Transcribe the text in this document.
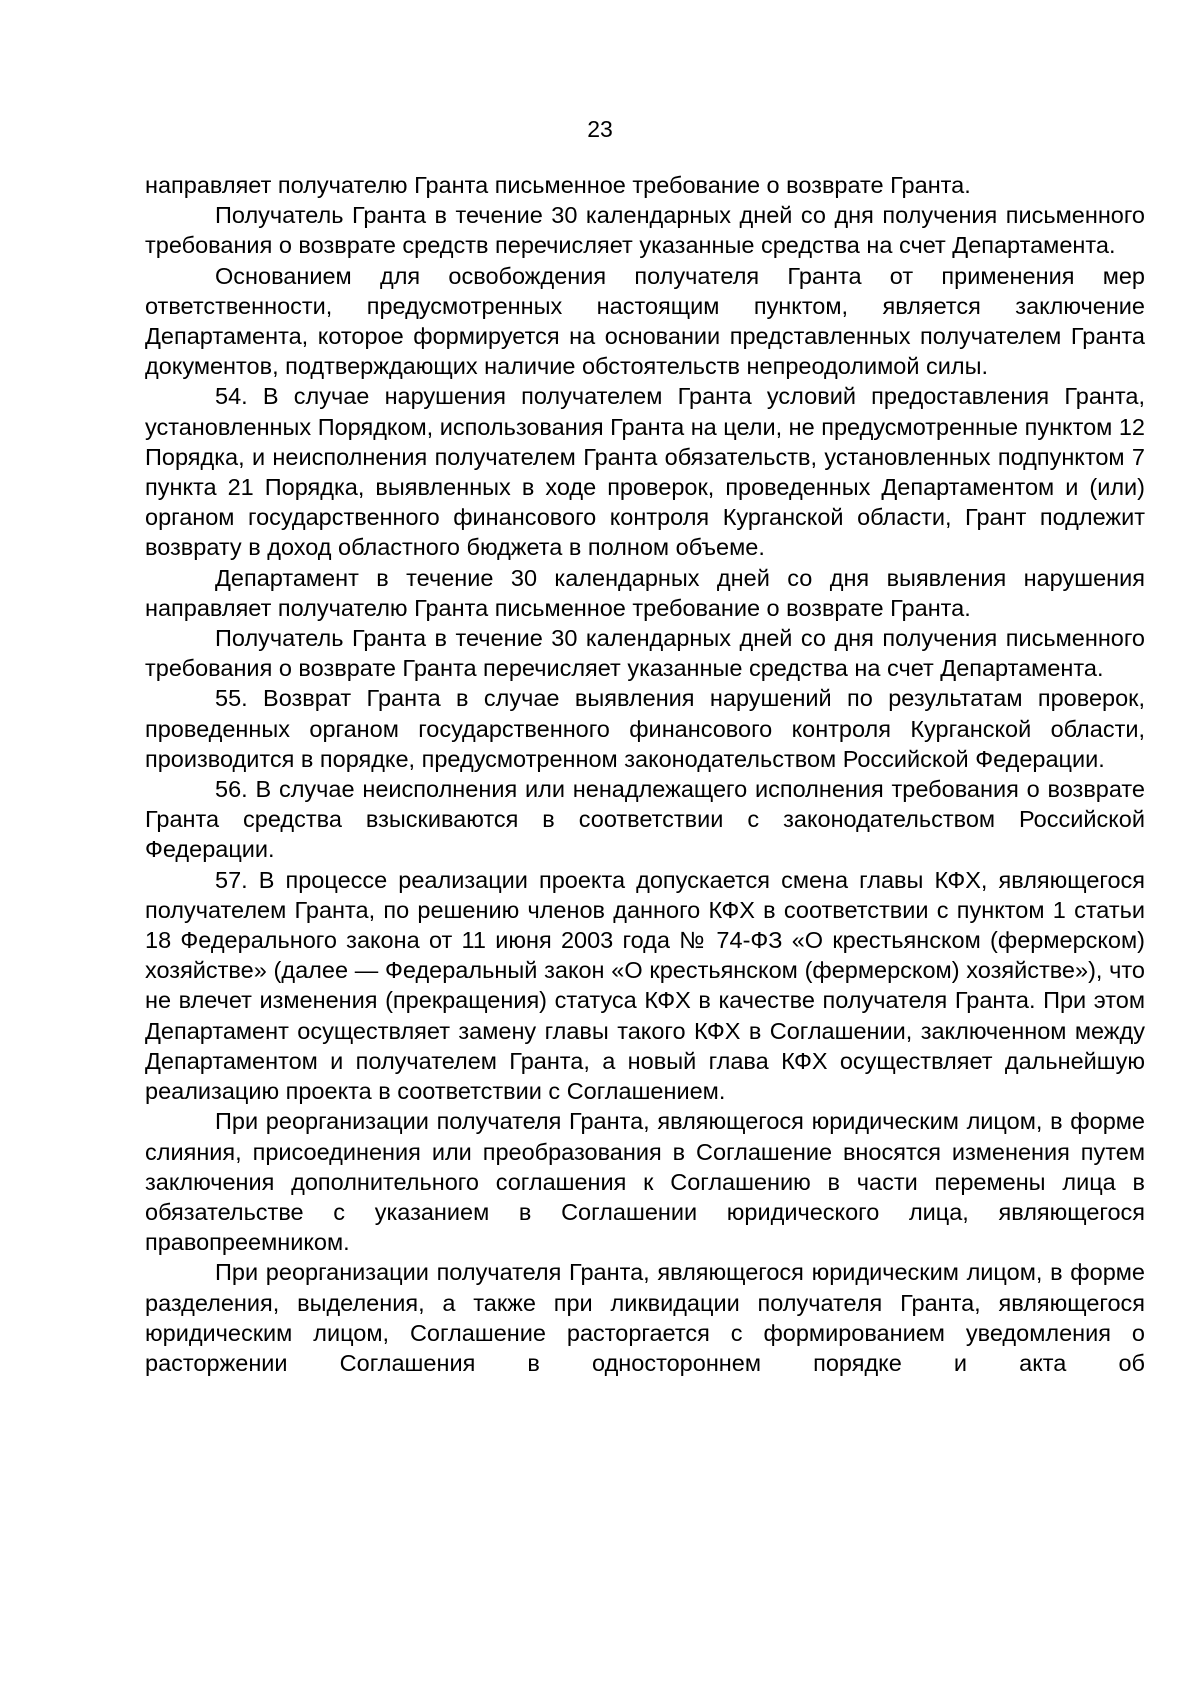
23

направляет получателю Гранта письменное требование о возврате Гранта.

Получатель Гранта в течение 30 календарных дней со дня получения письменного требования о возврате средств перечисляет указанные средства на счет Департамента.

Основанием для освобождения получателя Гранта от применения мер ответственности, предусмотренных настоящим пунктом, является заключение Департамента, которое формируется на основании представленных получателем Гранта документов, подтверждающих наличие обстоятельств непреодолимой силы.

54. В случае нарушения получателем Гранта условий предоставления Гранта, установленных Порядком, использования Гранта на цели, не предусмотренные пунктом 12 Порядка, и неисполнения получателем Гранта обязательств, установленных подпунктом 7 пункта 21 Порядка, выявленных в ходе проверок, проведенных Департаментом и (или) органом государственного финансового контроля Курганской области, Грант подлежит возврату в доход областного бюджета в полном объеме.

Департамент в течение 30 календарных дней со дня выявления нарушения направляет получателю Гранта письменное требование о возврате Гранта.

Получатель Гранта в течение 30 календарных дней со дня получения письменного требования о возврате Гранта перечисляет указанные средства на счет Департамента.

55. Возврат Гранта в случае выявления нарушений по результатам проверок, проведенных органом государственного финансового контроля Курганской области, производится в порядке, предусмотренном законодательством Российской Федерации.

56. В случае неисполнения или ненадлежащего исполнения требования о возврате Гранта средства взыскиваются в соответствии с законодательством Российской Федерации.

57. В процессе реализации проекта допускается смена главы КФХ, являющегося получателем Гранта, по решению членов данного КФХ в соответствии с пунктом 1 статьи 18 Федерального закона от 11 июня 2003 года № 74-ФЗ «О крестьянском (фермерском) хозяйстве» (далее — Федеральный закон «О крестьянском (фермерском) хозяйстве»), что не влечет изменения (прекращения) статуса КФХ в качестве получателя Гранта. При этом Департамент осуществляет замену главы такого КФХ в Соглашении, заключенном между Департаментом и получателем Гранта, а новый глава КФХ осуществляет дальнейшую реализацию проекта в соответствии с Соглашением.

При реорганизации получателя Гранта, являющегося юридическим лицом, в форме слияния, присоединения или преобразования в Соглашение вносятся изменения путем заключения дополнительного соглашения к Соглашению в части перемены лица в обязательстве с указанием в Соглашении юридического лица, являющегося правопреемником.

При реорганизации получателя Гранта, являющегося юридическим лицом, в форме разделения, выделения, а также при ликвидации получателя Гранта, являющегося юридическим лицом, Соглашение расторгается с формированием уведомления о расторжении Соглашения в одностороннем порядке и акта об
